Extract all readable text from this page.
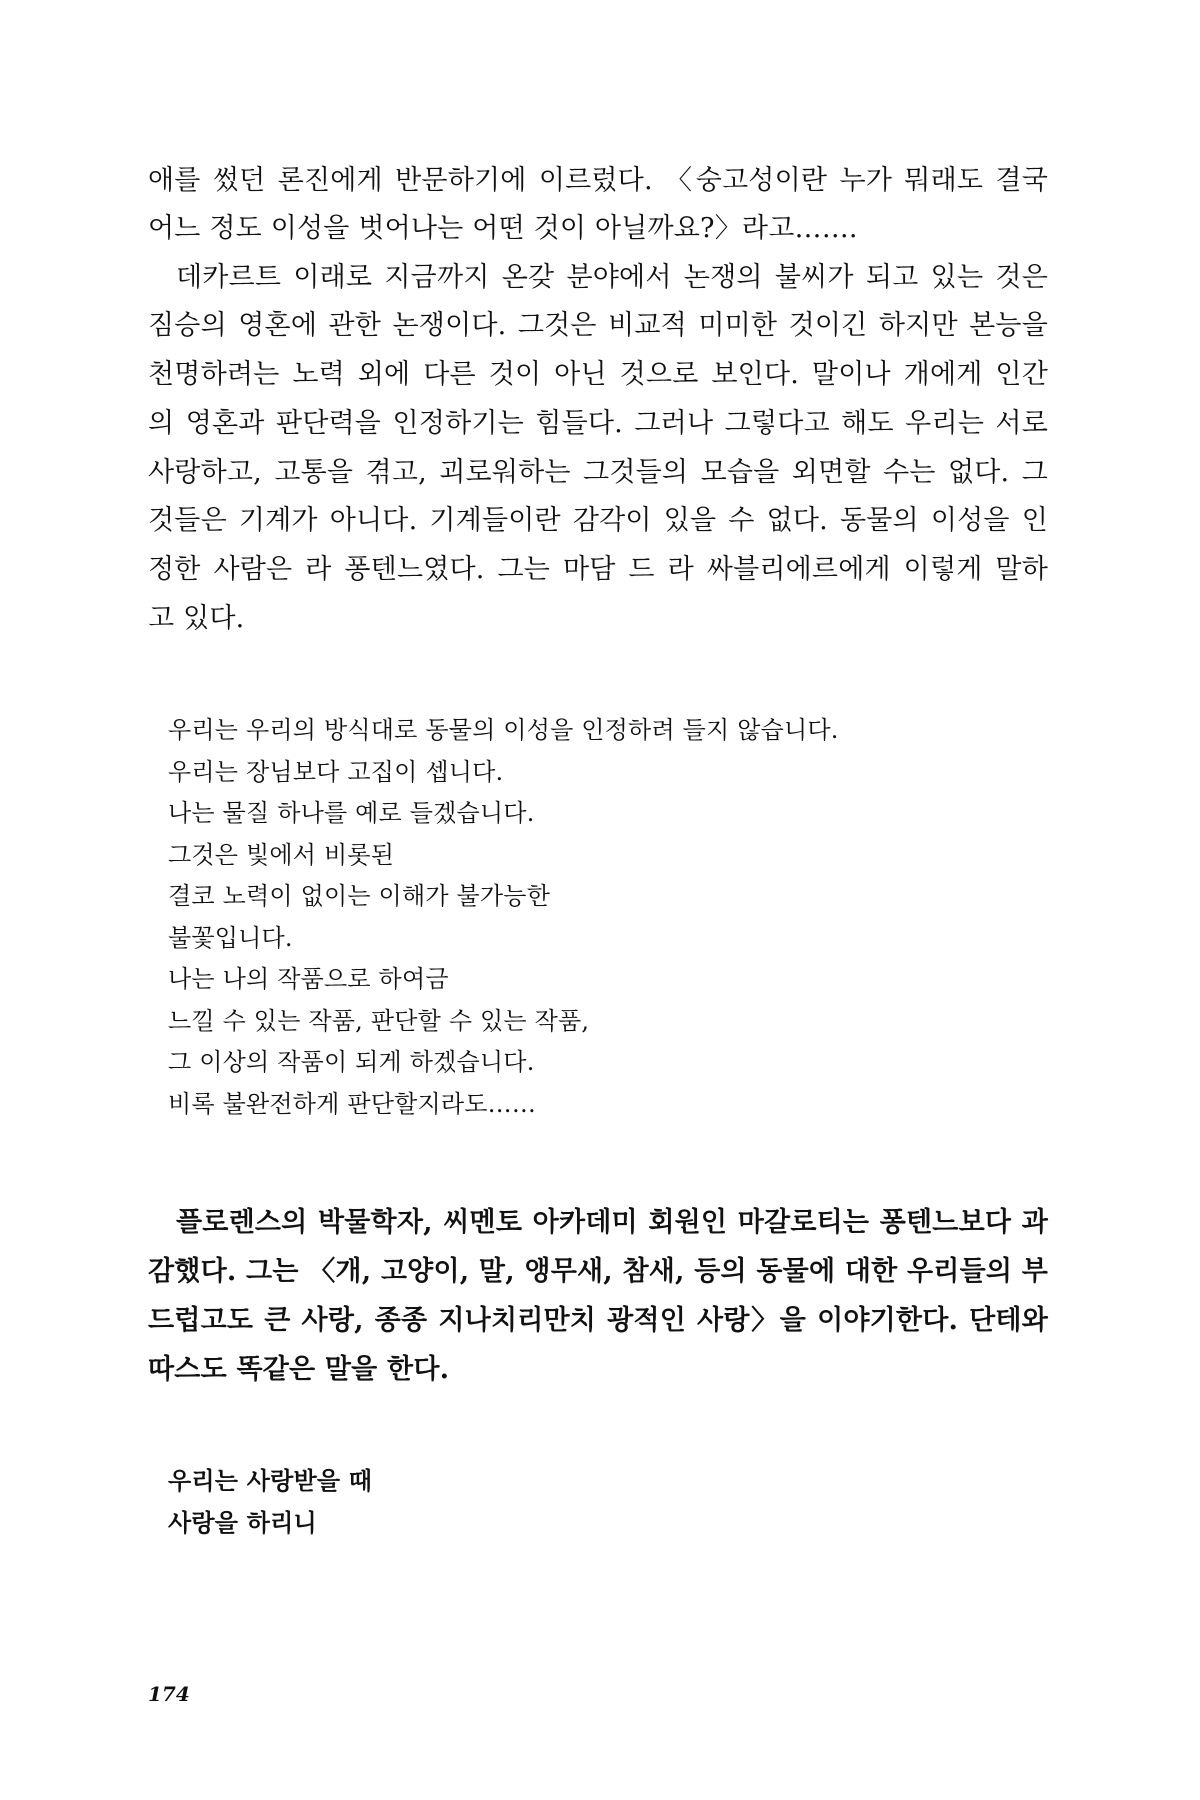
애를 썼던 론진에게 반문하기에 이르렀다. 〈숭고성이란 누가 뭐래도 결국
어느 정도 이성을 벗어나는 어떤 것이 아닐까요?〉라고…….
데카르트 이래로 지금까지 온갖 분야에서 논쟁의 불씨가 되고 있는 것은
짐승의 영혼에 관한 논쟁이다. 그것은 비교적 미미한 것이긴 하지만 본능을
천명하려는 노력 외에 다른 것이 아닌 것으로 보인다. 말이나 개에게 인간
의 영혼과 판단력을 인정하기는 힘들다. 그러나 그렇다고 해도 우리는 서로
사랑하고, 고통을 겪고, 괴로워하는 그것들의 모습을 외면할 수는 없다. 그
것들은 기계가 아니다. 기계들이란 감각이 있을 수 없다. 동물의 이성을 인
정한 사람은 라 퐁텐느였다. 그는 마담 드 라 싸블리에르에게 이렇게 말하
고 있다.
우리는 우리의 방식대로 동물의 이성을 인정하려 들지 않습니다.
우리는 장님보다 고집이 셉니다.
나는 물질 하나를 예로 들겠습니다.
그것은 빛에서 비롯된
결코 노력이 없이는 이해가 불가능한
불꽃입니다.
나는 나의 작품으로 하여금
느낄 수 있는 작품, 판단할 수 있는 작품,
그 이상의 작품이 되게 하겠습니다.
비록 불완전하게 판단할지라도……
플로렌스의 박물학자, 씨멘토 아카데미 회원인 마갈로티는 퐁텐느보다 과
감했다. 그는 〈개, 고양이, 말, 앵무새, 참새, 등의 동물에 대한 우리들의 부
드럽고도 큰 사랑, 종종 지나치리만치 광적인 사랑〉을 이야기한다. 단테와
따스도 똑같은 말을 한다.
우리는 사랑받을 때
사랑을 하리니
174
